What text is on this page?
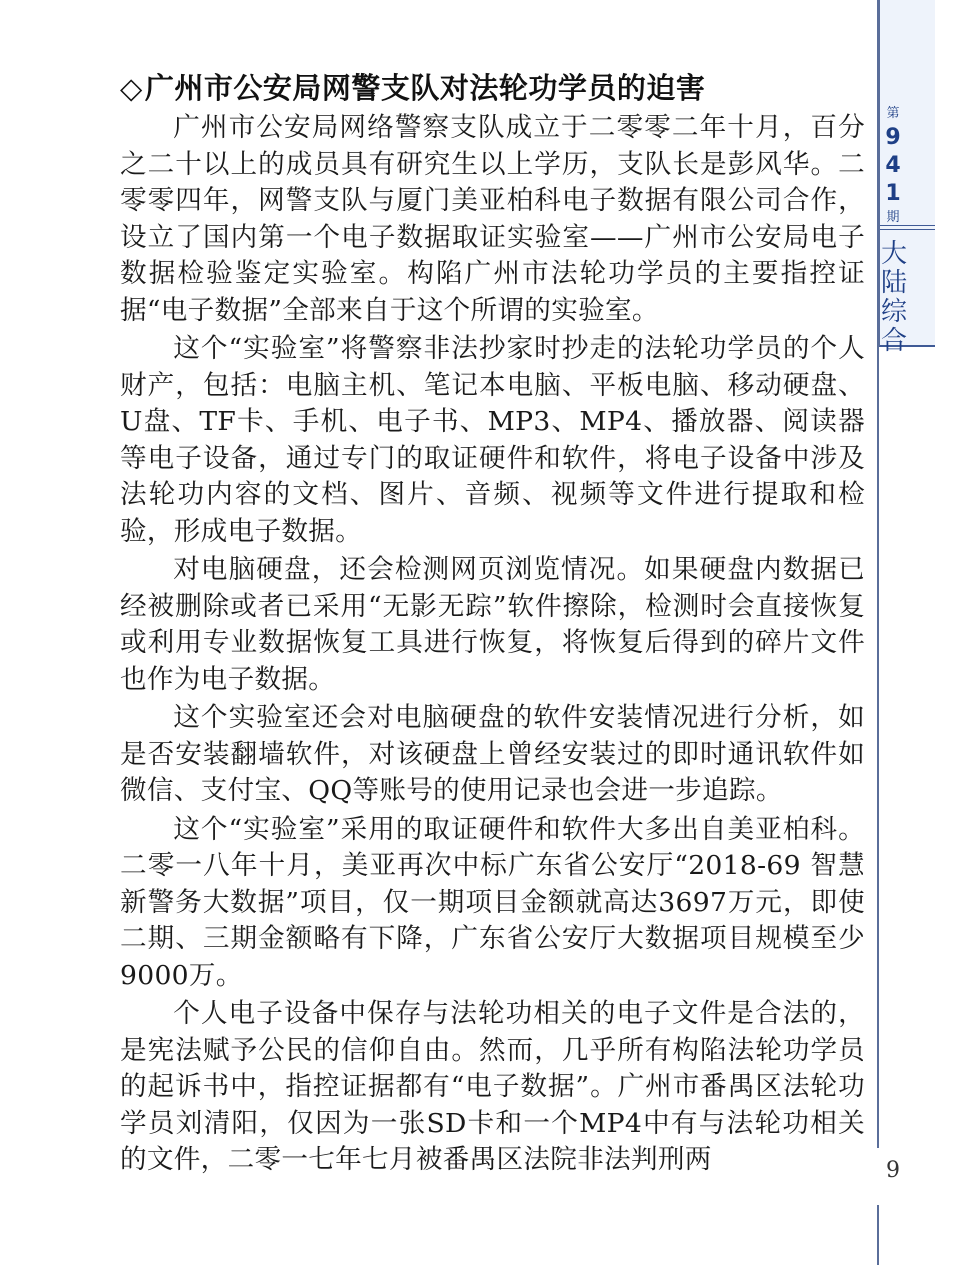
◇广州市公安局网警支队对法轮功学员的迫害

广州市公安局网络警察支队成立于二零零二年十月，百分之二十以上的成员具有研究生以上学历，支队长是彭风华。二零零四年，网警支队与厦门美亚柏科电子数据有限公司合作，设立了国内第一个电子数据取证实验室——广州市公安局电子数据检验鉴定实验室。构陷广州市法轮功学员的主要指控证据“电子数据”全部来自于这个所谓的实验室。

这个“实验室”将警察非法抄家时抄走的法轮功学员的个人财产，包括：电脑主机、笔记本电脑、平板电脑、移动硬盘、U盘、TF卡、手机、电子书、MP3、MP4、播放器、阅读器等电子设备，通过专门的取证硬件和软件，将电子设备中涉及法轮功内容的文档、图片、音频、视频等文件进行提取和检验，形成电子数据。

对电脑硬盘，还会检测网页浏览情况。如果硬盘内数据已经被删除或者已采用“无影无踪”软件擦除，检测时会直接恢复或利用专业数据恢复工具进行恢复，将恢复后得到的碎片文件也作为电子数据。

这个实验室还会对电脑硬盘的软件安装情况进行分析，如是否安装翻墙软件，对该硬盘上曾经安装过的即时通讯软件如微信、支付宝、QQ等账号的使用记录也会进一步追踪。

这个“实验室”采用的取证硬件和软件大多出自美亚柏科。二零一八年十月，美亚再次中标广东省公安厅“2018-69 智慧新警务大数据”项目，仅一期项目金额就高达3697万元，即使二期、三期金额略有下降，广东省公安厅大数据项目规模至少9000万。

个人电子设备中保存与法轮功相关的电子文件是合法的，是宪法赋予公民的信仰自由。然而，几乎所有构陷法轮功学员的起诉书中，指控证据都有“电子数据”。广州市番禺区法轮功学员刘清阳，仅因为一张SD卡和一个MP4中有与法轮功相关的文件，二零一七年七月被番禺区法院非法判刑两

第
9
4
1
期
大
陆
综
合
9
